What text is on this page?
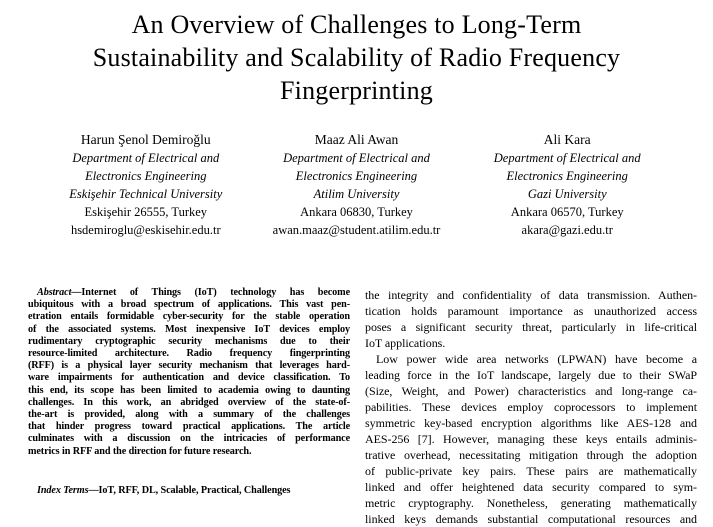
An Overview of Challenges to Long-Term
Sustainability and Scalability of Radio Frequency
Fingerprinting
Harun Şenol Demiroğlu
Department of Electrical and
Electronics Engineering
Eskişehir Technical University
Eskişehir 26555, Turkey
hsdemiroglu@eskisehir.edu.tr
Maaz Ali Awan
Department of Electrical and
Electronics Engineering
Atilim University
Ankara 06830, Turkey
awan.maaz@student.atilim.edu.tr
Ali Kara
Department of Electrical and
Electronics Engineering
Gazi University
Ankara 06570, Turkey
akara@gazi.edu.tr
Abstract—Internet of Things (IoT) technology has become
ubiquitous with a broad spectrum of applications. This vast pen-
etration entails formidable cyber-security for the stable operation
of the associated systems. Most inexpensive IoT devices employ
rudimentary cryptographic security mechanisms due to their
resource-limited architecture. Radio frequency fingerprinting
(RFF) is a physical layer security mechanism that leverages hard-
ware impairments for authentication and device classification. To
this end, its scope has been limited to academia owing to daunting
challenges. In this work, an abridged overview of the state-of-
the-art is provided, along with a summary of the challenges
that hinder progress toward practical applications. The article
culminates with a discussion on the intricacies of performance
metrics in RFF and the direction for future research.
Index Terms—IoT, RFF, DL, Scalable, Practical, Challenges
the integrity and confidentiality of data transmission. Authen-
tication holds paramount importance as unauthorized access
poses a significant security threat, particularly in life-critical
IoT applications.
Low power wide area networks (LPWAN) have become a
leading force in the IoT landscape, largely due to their SWaP
(Size, Weight, and Power) characteristics and long-range ca-
pabilities. These devices employ coprocessors to implement
symmetric key-based encryption algorithms like AES-128 and
AES-256 [7]. However, managing these keys entails adminis-
trative overhead, necessitating mitigation through the adoption
of public-private key pairs. These pairs are mathematically
linked and offer heightened data security compared to sym-
metric cryptography. Nonetheless, generating mathematically
linked keys demands substantial computational resources and
